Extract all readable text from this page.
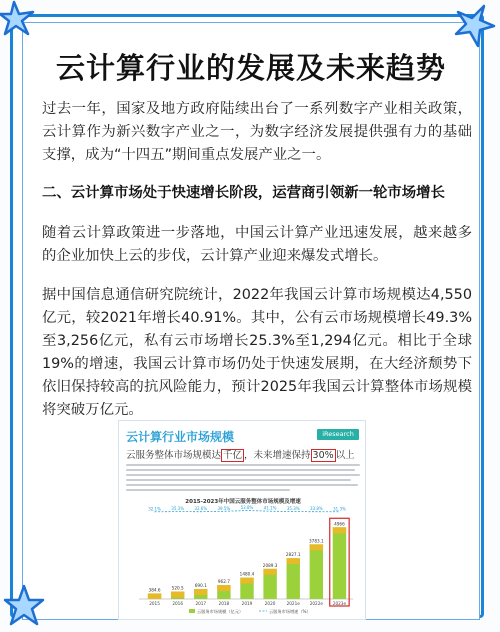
云计算行业的发展及未来趋势

过去一年，国家及地方政府陆续出台了一系列数字产业相关政策，云计算作为新兴数字产业之一，为数字经济发展提供强有力的基础支撑，成为“十四五”期间重点发展产业之一。

二、云计算市场处于快速增长阶段，运营商引领新一轮市场增长

随着云计算政策进一步落地，中国云计算产业迅速发展，越来越多的企业加快上云的步伐，云计算产业迎来爆发式增长。

据中国信息通信研究院统计，2022年我国云计算市场规模达4,550亿元，较2021年增长40.91%。其中，公有云市场规模增长49.3%至3,256亿元，私有云市场增长25.3%至1,294亿元。相比于全球19%的增速，我国云计算市场仍处于快速发展期，在大经济颓势下依旧保持较高的抗风险能力，预计2025年我国云计算整体市场规模将突破万亿元。

云计算行业市场规模	iResearch
云服务整体市场规模达 千亿 ，未来增速保持 30% 以上
2015-2023年中国云服务整体市场规模及增速
32.1%	35.3%	32.6%	39.5%	53.8%	41.1%	35.3%	33.8%	31.3%
384.6
2015
520.5
2016
690.1
2017
962.7
2018
1480.4
2019
2089.3
2020
2827.1
2021e
3783.1
2022e
4966
2023e
云服务市场规模（亿元）	云服务市场增速（%）
